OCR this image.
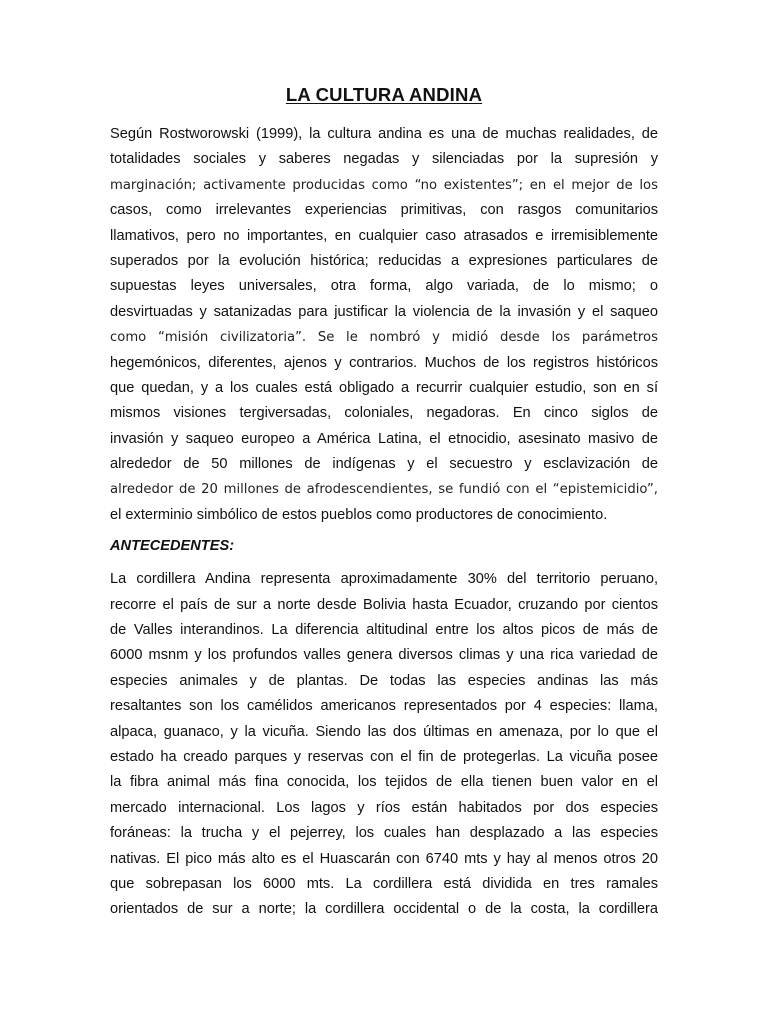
LA CULTURA ANDINA
Según Rostworowski (1999), la cultura andina es una de muchas realidades, de
totalidades sociales y saberes negadas y silenciadas por la supresión y
marginación; activamente producidas como “no existentes”; en el mejor de los
casos, como irrelevantes experiencias primitivas, con rasgos comunitarios
llamativos, pero no importantes, en cualquier caso atrasados e irremisiblemente
superados por la evolución histórica; reducidas a expresiones particulares de
supuestas leyes universales, otra forma, algo variada, de lo mismo; o
desvirtuadas y satanizadas para justificar la violencia de la invasión y el saqueo
como “misión civilizatoria”. Se le nombró y midió desde los parámetros
hegemónicos, diferentes, ajenos y contrarios. Muchos de los registros históricos
que quedan, y a los cuales está obligado a recurrir cualquier estudio, son en sí
mismos visiones tergiversadas, coloniales, negadoras. En cinco siglos de
invasión y saqueo europeo a América Latina, el etnocidio, asesinato masivo de
alrededor de 50 millones de indígenas y el secuestro y esclavización de
alrededor de 20 millones de afrodescendientes, se fundió con el “epistemicidio”,
el exterminio simbólico de estos pueblos como productores de conocimiento.
ANTECEDENTES:
La cordillera Andina representa aproximadamente 30% del territorio peruano,
recorre el país de sur a norte desde Bolivia hasta Ecuador, cruzando por cientos
de Valles interandinos. La diferencia altitudinal entre los altos picos de más de
6000 msnm y los profundos valles genera diversos climas y una rica variedad de
especies animales y de plantas. De todas las especies andinas las más
resaltantes son los camélidos americanos representados por 4 especies: llama,
alpaca, guanaco, y la vicuña. Siendo las dos últimas en amenaza, por lo que el
estado ha creado parques y reservas con el fin de protegerlas. La vicuña posee
la fibra animal más fina conocida, los tejidos de ella tienen buen valor en el
mercado internacional. Los lagos y ríos están habitados por dos especies
foráneas: la trucha y el pejerrey, los cuales han desplazado a las especies
nativas. El pico más alto es el Huascarán con 6740 mts y hay al menos otros 20
que sobrepasan los 6000 mts. La cordillera está dividida en tres ramales
orientados de sur a norte; la cordillera occidental o de la costa, la cordillera
